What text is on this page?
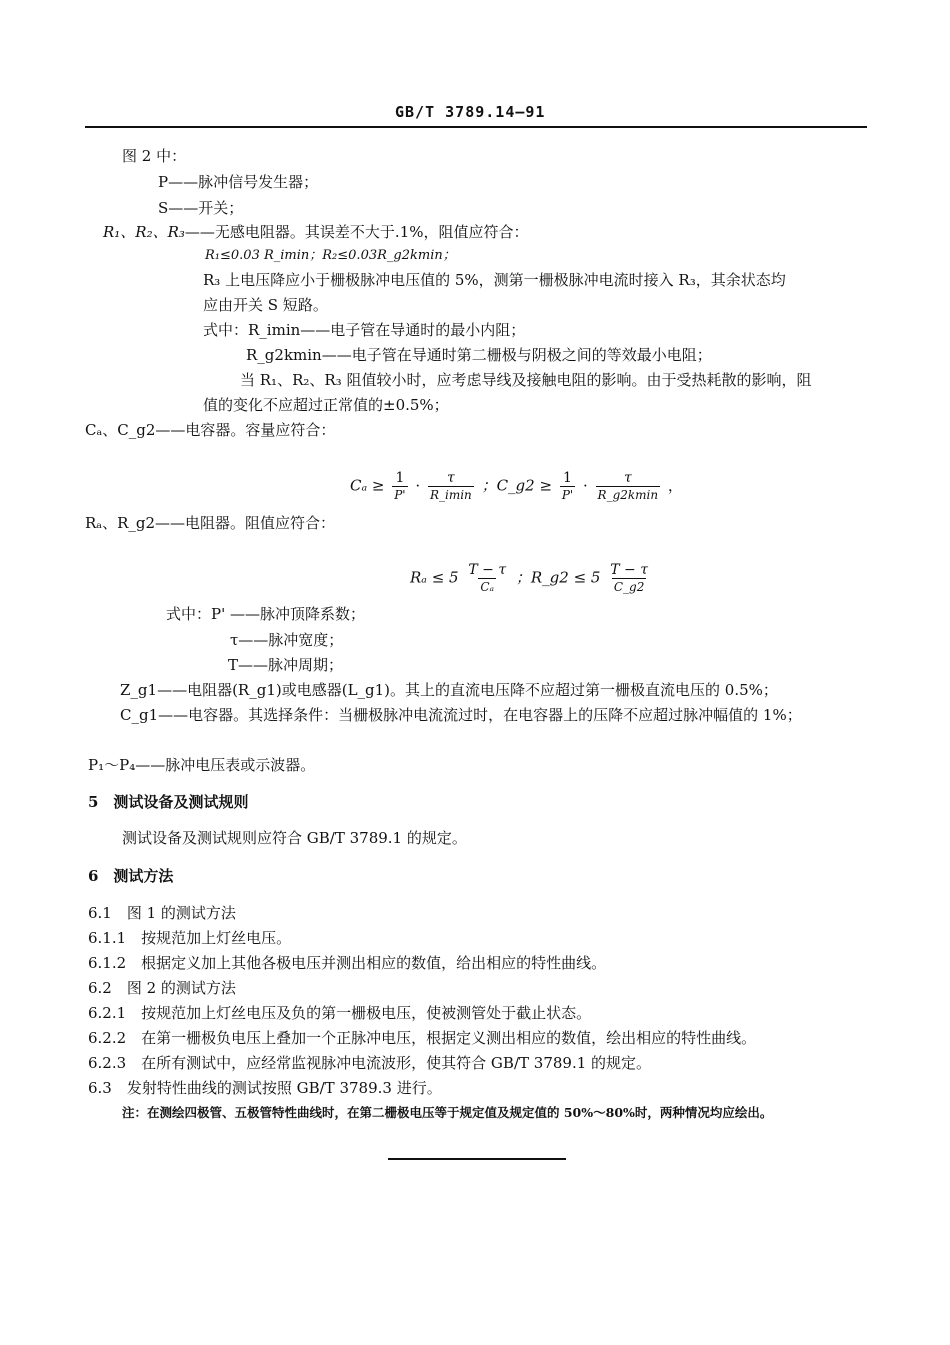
GB/T 3789.14—91
图 2 中：
P——脉冲信号发生器；
S——开关；
R₁、R₂、R₃——无感电阻器。其误差不大于.1%，阻值应符合：
R₁≤0.03 R_imin；R₂≤0.03R_g2kmin；
R₃ 上电压降应小于栅极脉冲电压值的 5%，测第一栅极脉冲电流时接入 R₃，其余状态均
应由开关 S 短路。
式中：R_imin——电子管在导通时的最小内阻；
R_g2kmin——电子管在导通时第二栅极与阴极之间的等效最小电阻；
当 R₁、R₂、R₃ 阻值较小时，应考虑导线及接触电阻的影响。由于受热耗散的影响，阻
值的变化不应超过正常值的±0.5%；
Cₐ、C_g2——电容器。容量应符合：
$C_a \ge \frac{1}{P'} \cdot \frac{\tau}{R\_imin}$ ；C_g2 ≥ $\frac{1}{P'} \cdot \frac{\tau}{R\_g2kmin}$ ，
Rₐ、R_g2——电阻器。阻值应符合：
$R_a \le 5 \frac{T - \tau}{\text{Cₐ}}$ ；R_g2 ≤ $5 \frac{T - \tau}{C\_g2}$
式中：P' ——脉冲顶降系数；
τ——脉冲宽度；
T——脉冲周期；
Z_g1——电阻器(R_g1)或电感器(L_g1)。其上的直流电压降不应超过第一栅极直流电压的 0.5%；
C_g1——电容器。其选择条件：当栅极脉冲电流流过时，在电容器上的压降不应超过脉冲幅值的 1%；
P₁～P₄——脉冲电压表或示波器。
5　测试设备及测试规则
测试设备及测试规则应符合 GB/T 3789.1 的规定。
6　测试方法
6.1　图 1 的测试方法
6.1.1　按规范加上灯丝电压。
6.1.2　根据定义加上其他各极电压并测出相应的数值，给出相应的特性曲线。
6.2　图 2 的测试方法
6.2.1　按规范加上灯丝电压及负的第一栅极电压，使被测管处于截止状态。
6.2.2　在第一栅极负电压上叠加一个正脉冲电压，根据定义测出相应的数值，绘出相应的特性曲线。
6.2.3　在所有测试中，应经常监视脉冲电流波形，使其符合 GB/T 3789.1 的规定。
6.3　发射特性曲线的测试按照 GB/T 3789.3 进行。
注：在测绘四极管、五极管特性曲线时，在第二栅极电压等于规定值及规定值的 50%～80%时，两种情况均应绘出。
